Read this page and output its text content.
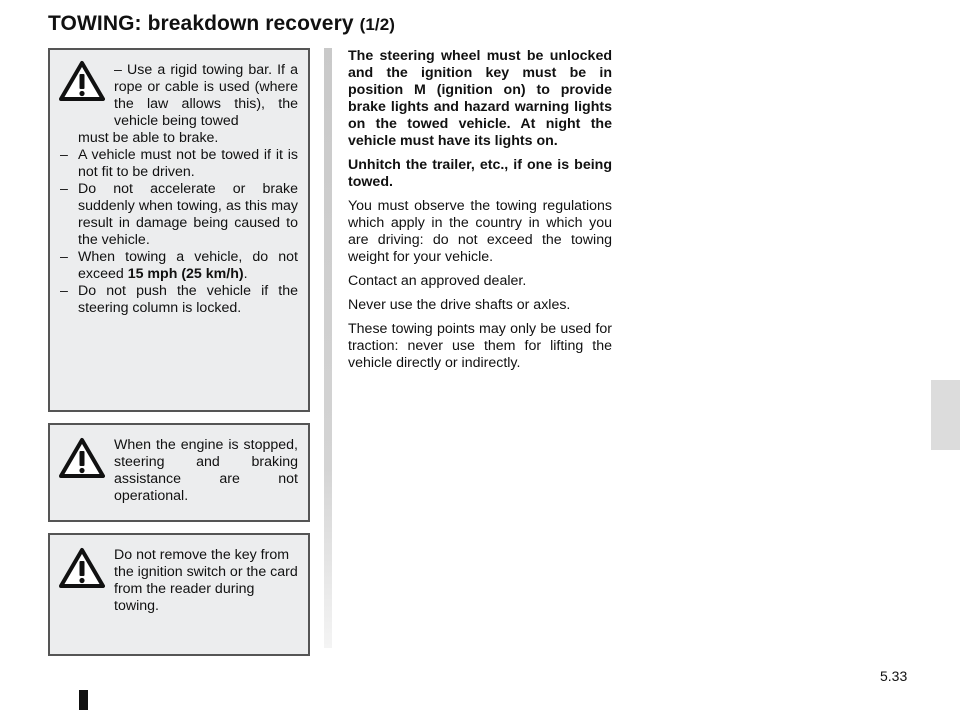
TOWING: breakdown recovery (1/2)

– Use a rigid towing bar. If a rope or cable is used (where the law allows this), the vehicle being towed

must be able to brake.

– A vehicle must not be towed if it is not fit to be driven.
– Do not accelerate or brake suddenly when towing, as this may result in damage being caused to the vehicle.
– When towing a vehicle, do not exceed 15 mph (25 km/h).
– Do not push the vehicle if the steering column is locked.

When the engine is stopped, steering and braking assistance are not operational.

Do not remove the key from the ignition switch or the card from the reader during towing.

The steering wheel must be unlocked and the ignition key must be in position M (ignition on) to provide brake lights and hazard warning lights on the towed vehicle. At night the vehicle must have its lights on.

Unhitch the trailer, etc., if one is being towed.

You must observe the towing regulations which apply in the country in which you are driving: do not exceed the towing weight for your vehicle.

Contact an approved dealer.

Never use the drive shafts or axles.

These towing points may only be used for traction: never use them for lifting the vehicle directly or indirectly.

5.33
